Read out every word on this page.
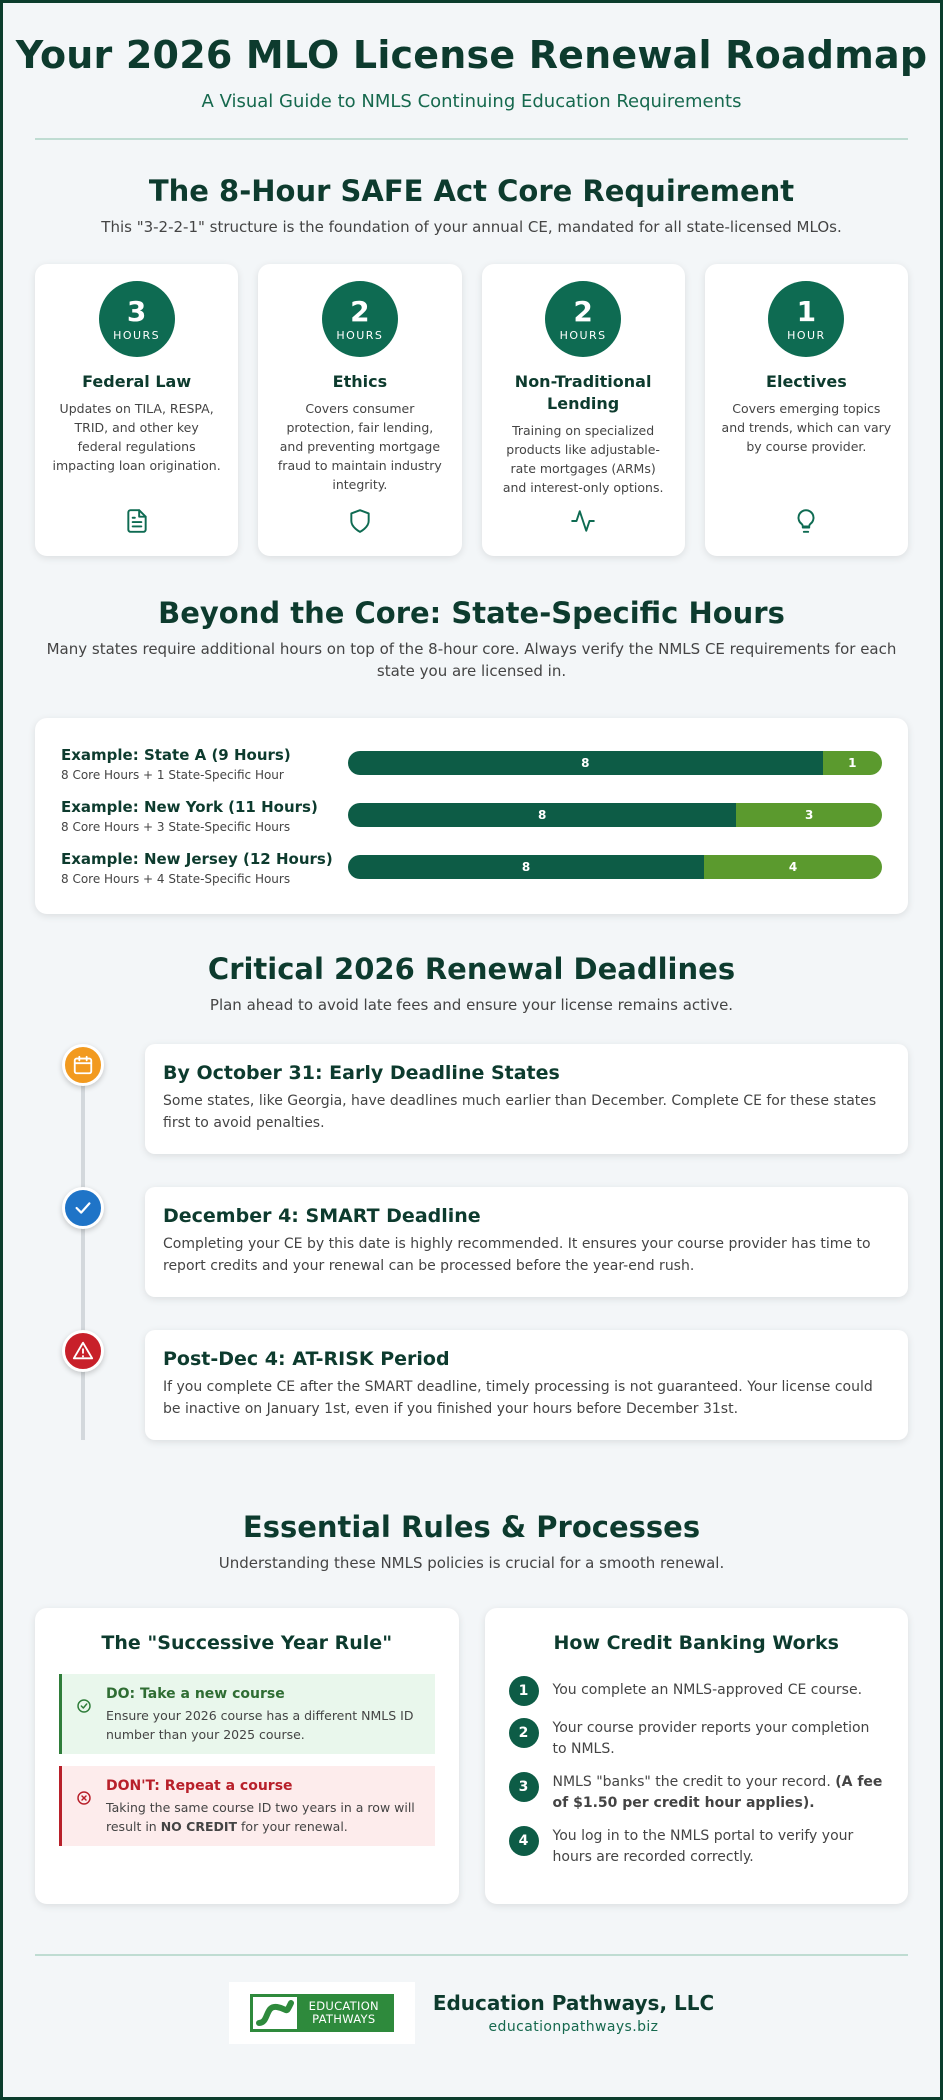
Your 2026 MLO License Renewal Roadmap
A Visual Guide to NMLS Continuing Education Requirements
The 8-Hour SAFE Act Core Requirement
This "3-2-2-1" structure is the foundation of your annual CE, mandated for all state-licensed MLOs.
3
HOURS
Federal Law
Updates on TILA, RESPA, TRID, and other key federal regulations impacting loan origination.
2
HOURS
Ethics
Covers consumer protection, fair lending, and preventing mortgage fraud to maintain industry integrity.
2
HOURS
Non-Traditional Lending
Training on specialized products like adjustable-rate mortgages (ARMs) and interest-only options.
1
HOUR
Electives
Covers emerging topics and trends, which can vary by course provider.
Beyond the Core: State-Specific Hours
Many states require additional hours on top of the 8-hour core. Always verify the NMLS CE requirements for each state you are licensed in.
Example: State A (9 Hours)
8 Core Hours + 1 State-Specific Hour
8	1
Example: New York (11 Hours)
8 Core Hours + 3 State-Specific Hours
8	3
Example: New Jersey (12 Hours)
8 Core Hours + 4 State-Specific Hours
8	4
Critical 2026 Renewal Deadlines
Plan ahead to avoid late fees and ensure your license remains active.
By October 31: Early Deadline States
Some states, like Georgia, have deadlines much earlier than December. Complete CE for these states first to avoid penalties.
December 4: SMART Deadline
Completing your CE by this date is highly recommended. It ensures your course provider has time to report credits and your renewal can be processed before the year-end rush.
Post-Dec 4: AT-RISK Period
If you complete CE after the SMART deadline, timely processing is not guaranteed. Your license could be inactive on January 1st, even if you finished your hours before December 31st.
Essential Rules & Processes
Understanding these NMLS policies is crucial for a smooth renewal.
The "Successive Year Rule"
DO: Take a new course
Ensure your 2026 course has a different NMLS ID number than your 2025 course.
DON'T: Repeat a course
Taking the same course ID two years in a row will result in NO CREDIT for your renewal.
How Credit Banking Works
1	You complete an NMLS-approved CE course.
2	Your course provider reports your completion to NMLS.
3	NMLS "banks" the credit to your record. (A fee of $1.50 per credit hour applies).
4	You log in to the NMLS portal to verify your hours are recorded correctly.
EDUCATION
PATHWAYS
Education Pathways, LLC
educationpathways.biz
